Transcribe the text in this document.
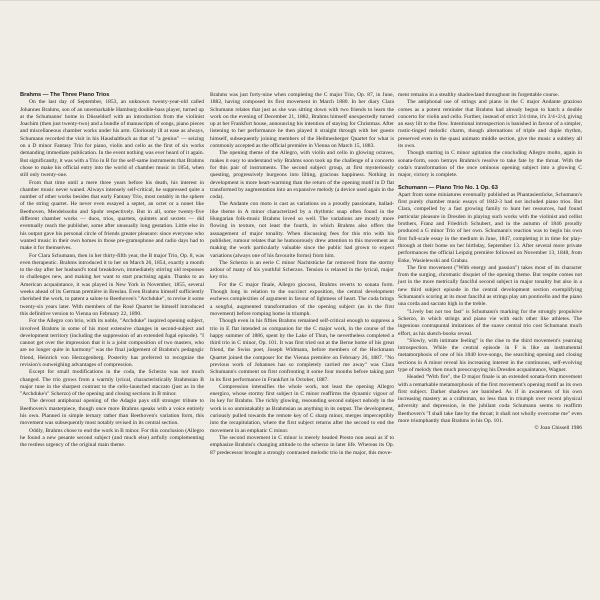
Brahms — The Three Piano Trios

On the last day of September, 1853, an unknown twenty-year-old called Johannes Brahms, son of an unremarkable Hamburg double-bass player, turned up at the Schumanns' home in Düsseldorf with an introduction from the violinist Joachim (then just twenty-two) and a bundle of manuscripts of songs, piano pieces and miscellaneous chamber works under his arm. Gloriously ill at ease as always, Schumann recorded the visit in his Haushaltbuch as that of "a genius" — seizing on a D minor Fantasy Trio for piano, violin and cello as the first of six works demanding immediate publication. In the event nothing was ever heard of it again. But significantly, it was with a Trio in B for the self-same instruments that Brahms chose to make his official entry into the world of chamber music in 1854, when still only twenty-one.

From that time until a mere three years before his death, his interest in chamber music never waned. Always intensely self-critical, he suppressed quite a number of other works besides that early Fantasy Trio, most notably in the sphere of the string quartet. He never even essayed a septet, an octet or a nonet like Beethoven, Mendelssohn and Spohr respectively. But in all, some twenty-five different chamber works — duos, trios, quartets, quintets and sextets — did eventually reach the publisher, some after unusually long gestation. Little else in his output gave his personal circle of friends greater pleasure: since everyone who wanted music in their own homes in those pre-gramophone and radio days had to make it for themselves.

For Clara Schumann, then in her thirty-fifth year, the B major Trio, Op. 8, was even therapeutic. Brahms introduced it to her on March 26, 1854, exactly a month to the day after her husband's total breakdown, immediately stirring old responses to challenges new, and making her want to start practising again. Thanks to an American acquaintance, it was played in New York in November, 1855, several weeks ahead of its German première in Breslau. Even Brahms himself sufficiently cherished the work, to patent a salute to Beethoven's "Archduke", to revise it some twenty-six years later. With members of the Rosé Quartet he himself introduced this definitive version to Vienna on February 22, 1890.

For the Allegro con brio, with its noble, "Archduke" inspired opening subject, involved Brahms in some of his most extensive changes in second-subject and development territory (including the suppression of an extended fugal episode). "I cannot get over the impression that it is a joint composition of two masters, who are no longer quite in harmony" was the final judgement of Brahms's pedagogic friend, Heinrich von Herzogenberg. Posterity has preferred to recognize the revision's outweighing advantages of compression.

Except for small modifications in the coda, the Scherzo was not much changed. The trio grows from a warmly lyrical, characteristically Brahmsian B major tune in the sharpest contrast to the cello-launched staccato (just as in the "Archduke's" Scherzo) of the opening and closing sections in B minor.

The devout antiphonal opening of the Adagio pays still stronger tribute to Beethoven's masterpiece, though once more Brahms speaks with a voice entirely his own. Planned in simple ternary rather than Beethoven's variation form, this movement was subsequently most notably revised in its central section.

Oddly, Brahms chose to end the work in B minor. For this conclusion (Allegro he found a new pesante second subject (and much else) artfully complementing the restless urgency of the original main theme.

Brahms was just forty-nine when completing the C major Trio, Op. 87, in June, 1882, having composed its first movement in March 1880. In her diary Clara Schumann relates that just as she was sitting down with two friends to learn the work on the evening of December 21, 1882, Brahms himself unexpectedly turned up at her Frankfurt house, announcing his intention of staying for Christmas. After listening to her performance he then played it straight through with her guests himself, subsequently joining members of the Hellmesberger Quartet for what is commonly accepted as the official première in Vienna on March 15, 1883.

The opening theme of the Allegro, with violin and cello in glowing octaves, makes it easy to understand why Brahms soon took up the challenge of a concerto for this pair of instruments. The second subject group, at first mysteriously questing, progressively burgeons into lilting, gracious happiness. Nothing in development is more heart-warming than the return of the opening motif in D flat transformed by augmentation into an expansive melody (a device used again in the coda).

The Andante con moto is cast as variations on a proudly passionate, ballad-like theme in A minor characterized by a rhythmic snap often found in the Hungarian folk-music Brahms loved so well. The variations are mostly more flowing in texture, not least the fourth, in which Brahms also offers the assuagement of major tonality. When discussing fees for this trio with his publisher, rumour relates that he humourously drew attention to this movement as making the work particularly valuable since the public had grown to expect variations (always one of his favourite forms) from him.

The Scherzo is an eerie C minor Nachtstücke far removed from the stormy ardour of many of his youthful Scherzos. Tension is relaxed in the lyrical, major key trio.

For the C major finale, Allegro giocoso, Brahms reverts to sonata form. Though long in relation to the succinct exposition, the central development eschews complexities of argument in favour of lightness of heart. The coda brings a songful, augmented transformation of the opening subject (as in the first movement) before romping home in triumph.

Though even in his fifties Brahms remained self-critical enough to suppress a trio in E flat intended as companion for the C major work, in the course of the happy summer of 1886, spent by the Lake of Thun, he nevertheless completed a third trio in C minor, Op. 101. It was first tried out at the Berne home of his great friend, the Swiss poet, Joseph Widmann, before members of the Hockmann Quartet joined the composer for the Vienna première on February 26, 1887. "No previous work of Johannes has so completely carried me away" was Clara Schumann's comment on first confronting it some four months before taking part in its first performance in Frankfurt in October, 1887.

Compression intensifies the whole work, not least the opening Allegro energico, whose stormy first subject in C minor reaffirms the dynamic vigour of its key for Brahms. The richly glowing, resounding second subject nobody in the work is so unmistakably as Brahmsian as anything in its output. The development, curiously pulled towards the remote key of C sharp minor, merges imperceptibly into the recapitulation, where the first subject returns after the second to end the movement in an emphatic C minor.

The second movement in C minor is merely headed Presto non assai as if to emphasize Brahms's changing attitude to the scherzo in later life. Whereas its Op. 87 predecessor brought a strongly contrasted melodic trio in the major, this move-

ment remains in a stealthy shadowland throughout its forgettable course.

The antiphonal use of strings and piano in the C major Andante grazioso comes as a potent reminder that Brahms had already begun to hatch a double concerto for violin and cello. Further, instead of strict 3/4 time, it's 3/4+2/4, giving an easy lilt to the flow. Intentional introspection is banished in favour of a simpler, rustic-tinged melodic charm, though alternations of triple and duple rhythm, preserved even in the quasi animato middle section, give the music a subtlety all its own.

Though starting in C minor agitation the concluding Allegro molto, again in sonata-form, soon betrays Brahms's resolve to take fate by the throat. With the coda's transformation of the once ominous opening subject into a glowing C major, victory is complete.

Schumann — Piano Trio No. 1 Op. 63

Apart from some miniatures eventually published as Phantasiestücke, Schumann's first purely chamber music essays of 1842-3 had not included piano trios. But Clara, compelled by a fast growing family to hunt her resources, had found particular pleasure in Dresden in playing such works with the violinist and cellist brothers, Franz and Friedrich Schubert, and in the autumn of 1846 proudly produced a G minor Trio of her own. Schumann's reaction was to begin his own first full-scale essay in the medium in June, 1847, completing it in time for play-through at their home on her birthday, September 13. After several more private performances the official Leipzig première followed on November 13, 1848, from Enke, Wasielewski and Grabau.

The first movement ("With energy and passion") takes most of its character from the surging, chromatic disquiet of the opening theme. But respite comes not just in the more metrically fanciful second subject in major tonality but also in a new third subject episode in the central development section exemplifying Schumann's scoring at its most fanciful as strings play am ponticello and the piano una corda and sacrato high in the treble.

"Lively but not too fast" is Schumann's marking for the strongly propulsive Scherzo, in which strings and piano vie with each other like athletes. The ingenious contrapuntal imitations of the suave central trio cost Schumann much effort, as his sketch-books reveal.

"Slowly, with intimate feeling" is the clue to the third movement's yearning introspection. While the central episode in F is like an instrumental metamorphosis of one of his 1840 love-songs, the searching opening and closing sections in A minor reveal his increasing interest in the continuous, self-evolving type of melody then much preoccupying his Dresden acquaintance, Wagner.

Headed "With fire", the D major finale is an extended sonata-form movement with a remarkable metamorphosis of the first movement's opening motif as its own first subject. Darker shadows are banished. As if in awareness of his own increasing mastery as a craftsman, no less than in triumph over recent physical adversity and depression, in the jubilant coda Schumann seems to reaffirm Beethoven's "I shall take fate by the throat; it shall not wholly overcome me" even more triumphantly than Brahms in his Op. 101.

© Joan Chissell 1986
